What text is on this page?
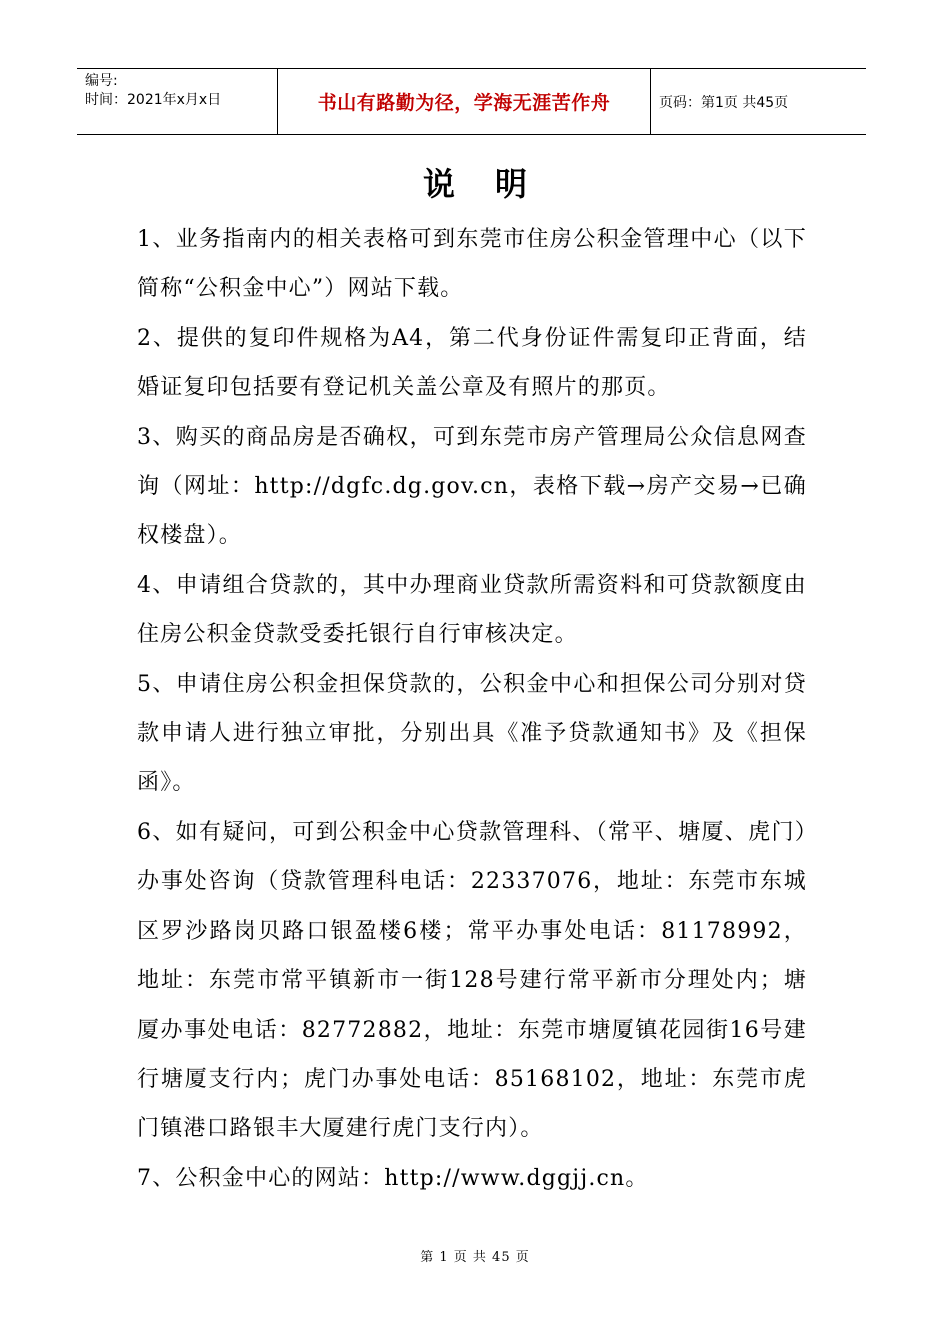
编号:
时间：2021年x月x日	书山有路勤为径，学海无涯苦作舟	页码：第1页 共45页
说明

1、业务指南内的相关表格可到东莞市住房公积金管理中心（以下简称“公积金中心”）网站下载。

2、提供的复印件规格为A4，第二代身份证件需复印正背面，结婚证复印包括要有登记机关盖公章及有照片的那页。

3、购买的商品房是否确权，可到东莞市房产管理局公众信息网查询（网址：http://dgfc.dg.gov.cn，表格下载→房产交易→已确权楼盘）。

4、申请组合贷款的，其中办理商业贷款所需资料和可贷款额度由住房公积金贷款受委托银行自行审核决定。

5、申请住房公积金担保贷款的，公积金中心和担保公司分别对贷款申请人进行独立审批，分别出具《准予贷款通知书》及《担保函》。

6、如有疑问，可到公积金中心贷款管理科、（常平、塘厦、虎门）办事处咨询（贷款管理科电话：22337076，地址：东莞市东城区罗沙路岗贝路口银盈楼6楼；常平办事处电话：81178992，地址：东莞市常平镇新市一街128号建行常平新市分理处内；塘厦办事处电话：82772882，地址：东莞市塘厦镇花园街16号建行塘厦支行内；虎门办事处电话：85168102，地址：东莞市虎门镇港口路银丰大厦建行虎门支行内）。

7、公积金中心的网站：http://www.dggjj.cn。

第 1 页 共 45 页
